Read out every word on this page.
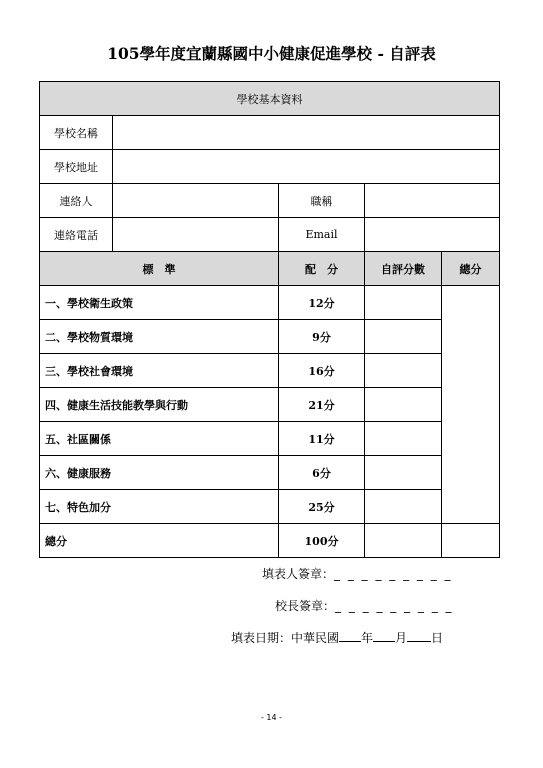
105學年度宜蘭縣國中小健康促進學校 - 自評表
學校基本資料				
學校名稱				
學校地址				
連絡人		職稱		
連絡電話		Email		
標　準		配　分	自評分數	總分
一、學校衛生政策		12分		
二、學校物質環境		9分		
三、學校社會環境		16分		
四、健康生活技能教學與行動		21分		
五、社區關係		11分		
六、健康服務		6分		
七、特色加分		25分		
總分		100分		
填表人簽章：_ _ _ _ _ _ _ _ _
校長簽章：_ _ _ _ _ _ _ _ _
填表日期：中華民國 年 月 日
- 14 -
